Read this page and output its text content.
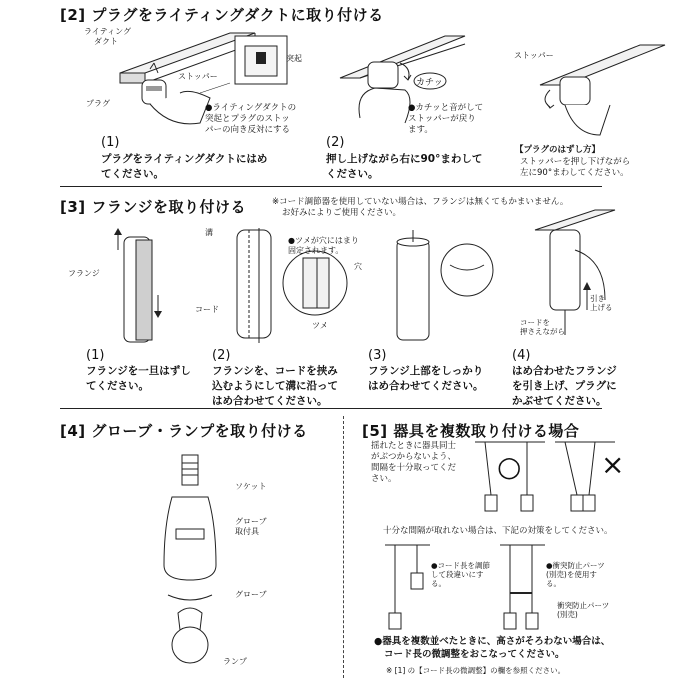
[2] プラグをライティングダクトに取り付ける
ライティング
ダクト
ストッパー
突起
プラグ	●ライティングダクトの
突起とプラグのストッ
パーの向き反対にする
(1)
プラグをライティングダクトにはめ
てください。
カチッ
●カチッと音がして
ストッパーが戻り
ます。
(2)
押し上げながら右に90°まわして
ください。
ストッパー
【プラグのはずし方】
ストッパーを押し下げながら
左に90°まわしてください。
[3] フランジを取り付ける	※コード調節器を使用していない場合は、フランジは無くてもかまいません。
お好みによりご使用ください。
フランジ
溝
コード
●ツメが穴にはまり
固定されます。
穴
ツメ
引き
上げる
コードを
押さえながら
(1)
フランジを一旦はずし
てください。
(2)
フランシを、コードを挟み
込むようにして溝に沿って
はめ合わせてください。
(3)
フランジ上部をしっかり
はめ合わせてください。
(4)
はめ合わせたフランジ
を引き上げ、プラグに
かぶせてください。
[4] グローブ・ランプを取り付ける
ソケット
グローブ
取付具
グローブ
ランプ
[5] 器具を複数取り付ける場合
揺れたときに器具同士
がぶつからないよう、
間隔を十分取ってくだ
さい。	○	×
十分な間隔が取れない場合は、下記の対策をしてください。
●コード長を調節
して段違いにす
る。
●衝突防止パーツ
(別売)を使用す
る。
衝突防止パーツ
(別売)
●器具を複数並べたときに、高さがそろわない場合は、
コード長の微調整をおこなってください。
※ [1] の【コード長の微調整】の欄を参照ください。
